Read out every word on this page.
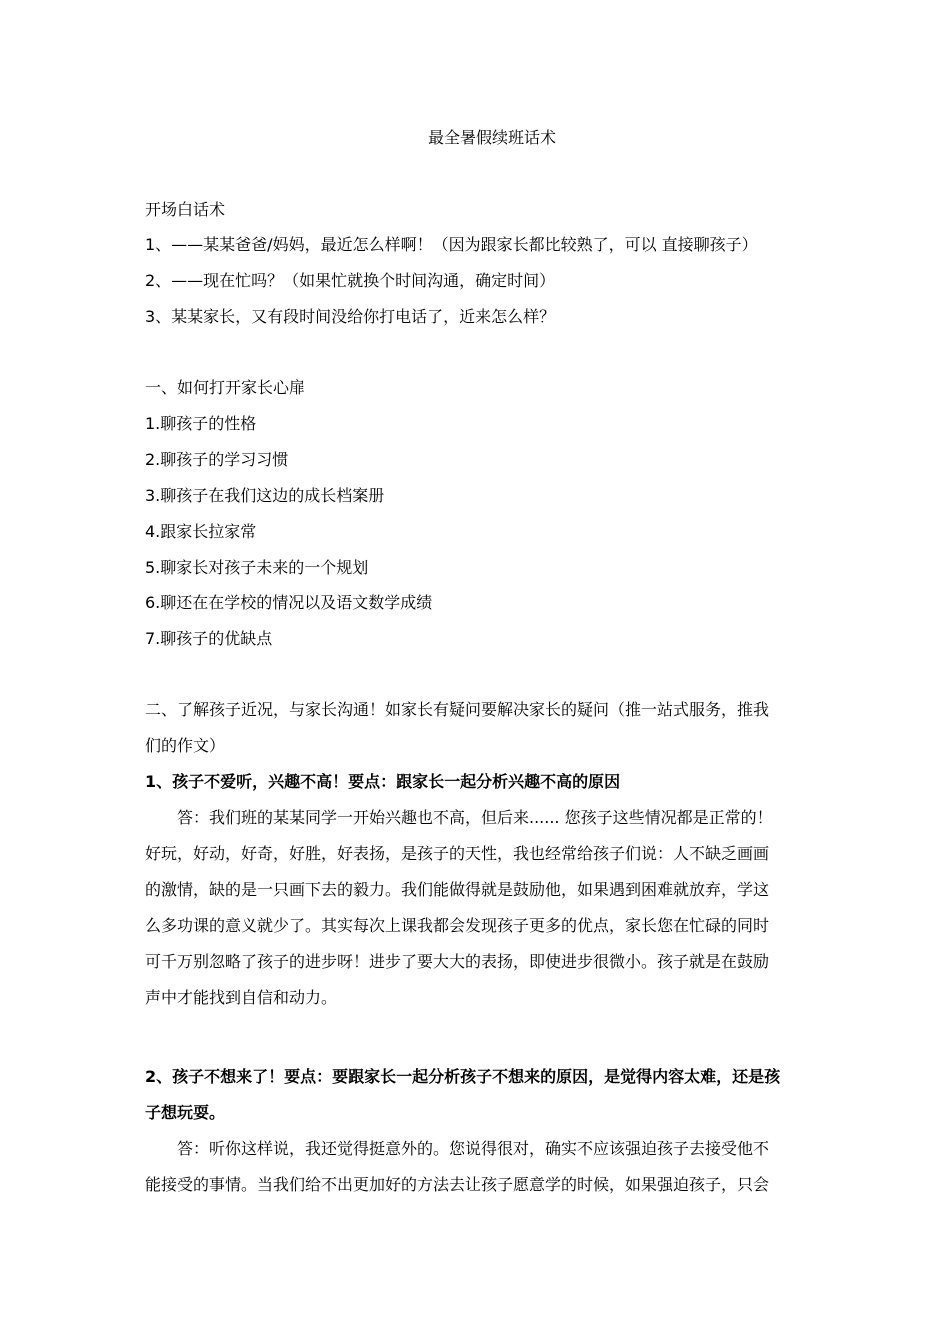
最全暑假续班话术
开场白话术
1、——某某爸爸/妈妈，最近怎么样啊！（因为跟家长都比较熟了，可以 直接聊孩子）
2、——现在忙吗？（如果忙就换个时间沟通，确定时间）
3、某某家长，又有段时间没给你打电话了，近来怎么样？
一、如何打开家长心扉
1.聊孩子的性格
2.聊孩子的学习习惯
3.聊孩子在我们这边的成长档案册
4.跟家长拉家常
5.聊家长对孩子未来的一个规划
6.聊还在在学校的情况以及语文数学成绩
7.聊孩子的优缺点
二、了解孩子近况，与家长沟通！如家长有疑问要解决家长的疑问（推一站式服务，推我
们的作文）
1、孩子不爱听，兴趣不高！要点：跟家长一起分析兴趣不高的原因
答：我们班的某某同学一开始兴趣也不高，但后来...... 您孩子这些情况都是正常的！
好玩，好动，好奇，好胜，好表扬，是孩子的天性，我也经常给孩子们说：人不缺乏画画
的激情，缺的是一只画下去的毅力。我们能做得就是鼓励他，如果遇到困难就放弃，学这
么多功课的意义就少了。其实每次上课我都会发现孩子更多的优点，家长您在忙碌的同时
可千万别忽略了孩子的进步呀！进步了要大大的表扬，即使进步很微小。孩子就是在鼓励
声中才能找到自信和动力。
2、孩子不想来了！要点：要跟家长一起分析孩子不想来的原因，是觉得内容太难，还是孩
子想玩耍。
答：听你这样说，我还觉得挺意外的。您说得很对，确实不应该强迫孩子去接受他不
能接受的事情。当我们给不出更加好的方法去让孩子愿意学的时候，如果强迫孩子，只会
